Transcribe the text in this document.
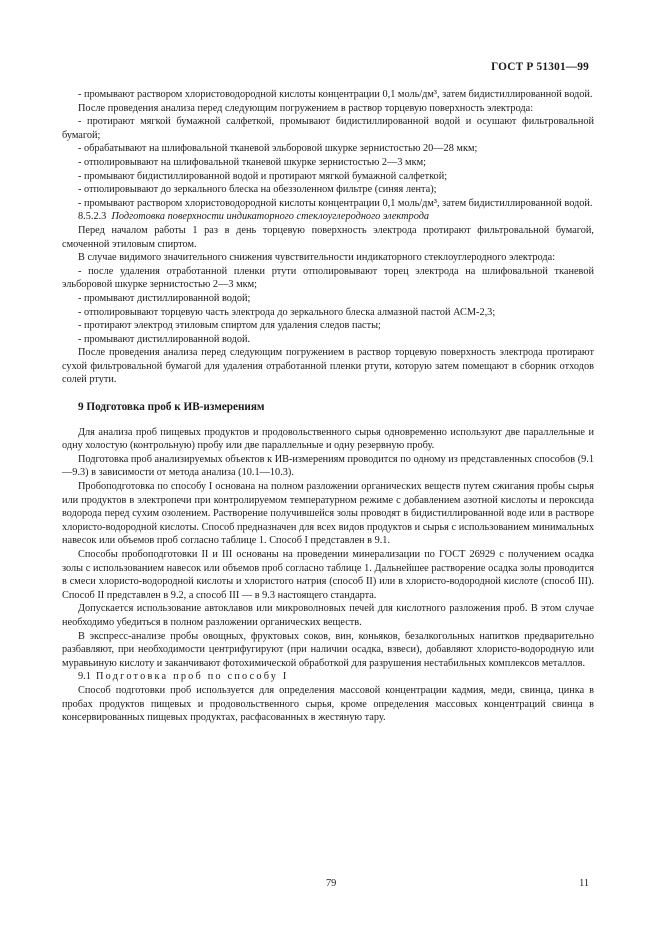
ГОСТ Р 51301—99

- промывают раствором хлористоводородной кислоты концентрации 0,1 моль/дм³, затем бидистиллированной водой.

После проведения анализа перед следующим погружением в раствор торцевую поверхность электрода:

- протирают мягкой бумажной салфеткой, промывают бидистиллированной водой и осушают фильтровальной бумагой;

- обрабатывают на шлифовальной тканевой эльборовой шкурке зернистостью 20—28 мкм;

- отполировывают на шлифовальной тканевой шкурке зернистостью 2—3 мкм;

- промывают бидистиллированной водой и протирают мягкой бумажной салфеткой;

- отполировывают до зеркального блеска на обеззоленном фильтре (синяя лента);

- промывают раствором хлористоводородной кислоты концентрации 0,1 моль/дм³, затем бидистиллированной водой.

8.5.2.3 Подготовка поверхности индикаторного стеклоуглеродного электрода

Перед началом работы 1 раз в день торцевую поверхность электрода протирают фильтровальной бумагой, смоченной этиловым спиртом.

В случае видимого значительного снижения чувствительности индикаторного стеклоуглеродного электрода:

- после удаления отработанной пленки ртути отполировывают торец электрода на шлифовальной тканевой эльборовой шкурке зернистостью 2—3 мкм;

- промывают дистиллированной водой;

- отполировывают торцевую часть электрода до зеркального блеска алмазной пастой АСМ-2,3;

- протирают электрод этиловым спиртом для удаления следов пасты;

- промывают дистиллированной водой.

После проведения анализа перед следующим погружением в раствор торцевую поверхность электрода протирают сухой фильтровальной бумагой для удаления отработанной пленки ртути, которую затем помещают в сборник отходов солей ртути.

9 Подготовка проб к ИВ-измерениям

Для анализа проб пищевых продуктов и продовольственного сырья одновременно используют две параллельные и одну холостую (контрольную) пробу или две параллельные и одну резервную пробу.

Подготовка проб анализируемых объектов к ИВ-измерениям проводится по одному из представленных способов (9.1—9.3) в зависимости от метода анализа (10.1—10.3).

Пробоподготовка по способу I основана на полном разложении органических веществ путем сжигания пробы сырья или продуктов в электропечи при контролируемом температурном режиме с добавлением азотной кислоты и пероксида водорода перед сухим озолением. Растворение получившейся золы проводят в бидистиллированной воде или в растворе хлористо-водородной кислоты. Способ предназначен для всех видов продуктов и сырья с использованием минимальных навесок или объемов проб согласно таблице 1. Способ I представлен в 9.1.

Способы пробоподготовки II и III основаны на проведении минерализации по ГОСТ 26929 с получением осадка золы с использованием навесок или объемов проб согласно таблице 1. Дальнейшее растворение осадка золы проводится в смеси хлористо-водородной кислоты и хлористого натрия (способ II) или в хлористо-водородной кислоте (способ III). Способ II представлен в 9.2, а способ III — в 9.3 настоящего стандарта.

Допускается использование автоклавов или микроволновых печей для кислотного разложения проб. В этом случае необходимо убедиться в полном разложении органических веществ.

В экспресс-анализе пробы овощных, фруктовых соков, вин, коньяков, безалкогольных напитков предварительно разбавляют, при необходимости центрифугируют (при наличии осадка, взвеси), добавляют хлористо-водородную или муравьиную кислоту и заканчивают фотохимической обработкой для разрушения нестабильных комплексов металлов.

9.1 Подготовка проб по способу I

Способ подготовки проб используется для определения массовой концентрации кадмия, меди, свинца, цинка в пробах продуктов пищевых и продовольственного сырья, кроме определения массовых концентраций свинца в консервированных пищевых продуктах, расфасованных в жестяную тару.

79	11
